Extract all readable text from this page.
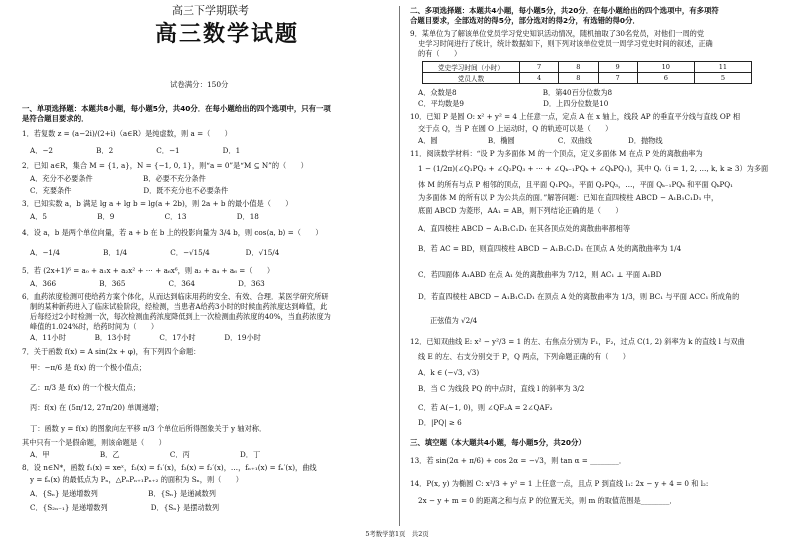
高三下学期联考
高三数学试题
试卷满分：150分
一、单项选择题：本题共8小题，每小题5分，共40分．在每小题给出的四个选项中，只有一项
是符合题目要求的．
1．若复数 z = (a−2i)/(2+i)（a∈R）是纯虚数，则 a =（　　）
A．−2　　　　　　B．2　　　　　　C．−1　　　　　　D．1
2．已知 a∈R，集合 M = {1, a}，N = {−1, 0, 1}，则“a = 0”是“M ⊆ N”的（　　）
A．充分不必要条件　　　　　　　B．必要不充分条件
C．充要条件　　　　　　　　　　D．既不充分也不必要条件
3．已知实数 a，b 满足 lg a + lg b = lg(a + 2b)，则 2a + b 的最小值是（　　）
A．5　　　　　　　B．9　　　　　　　C．13　　　　　　　D．18
4．设 a，b 是两个单位向量，若 a + b 在 b 上的投影向量为 3/4 b，则 cos⟨a, b⟩ =（　　）
A．−1/4　　　　　　B．1/4　　　　　　C．−√15/4　　　　　D．√15/4
5．若 (2x+1)⁶ = a₀ + a₁x + a₂x² + ⋯ + a₆x⁶，则 a₂ + a₄ + a₆ =（　　）
A．366　　　　　　B．365　　　　　　C．364　　　　　　D．363
6．血药浓度检测可使给药方案个体化，从而达到临床用药的安全、有效、合理．某医学研究所研
制的某种新药进入了临床试验阶段，经检测，当患者A给药3小时的时候血药浓度达到峰值，此
后每经过2小时检测一次，每次检测血药浓度降低到上一次检测血药浓度的40%，当血药浓度为
峰值的1.024%时，给药时间为（　　）
A．11小时　　　　B．13小时　　　　C．17小时　　　　D．19小时
7．关于函数 f(x) = A sin(2x + φ)，有下列四个命题：
甲：−π/6 是 f(x) 的一个极小值点；
乙：π/3 是 f(x) 的一个极大值点；
丙：f(x) 在 (5π/12, 27π/20) 单调递增；
丁：函数 y = f(x) 的图象向左平移 π/3 个单位后所得图象关于 y 轴对称．
其中只有一个是假命题，则该命题是（　　）
A．甲　　　　　　　B．乙　　　　　　　C．丙　　　　　　　D．丁
8．设 n∈N*，函数 f₁(x) = xeˣ，f₂(x) = f₁′(x)，f₃(x) = f₂′(x)，…，fₙ₊₁(x) = fₙ′(x)，曲线
y = fₙ(x) 的最低点为 Pₙ，△PₙPₙ₊₁Pₙ₊₂ 的面积为 Sₙ，则（　　）
A．{Sₙ} 是递增数列　　　　　　　B．{Sₙ} 是递减数列
C．{S₂ₙ₋₁} 是递增数列　　　　　　D．{Sₙ} 是摆动数列
二、多项选择题：本题共4小题，每小题5分，共20分．在每小题给出的四个选项中，有多项符
合题目要求，全部选对的得5分，部分选对的得2分，有选错的得0分．
9．某单位为了解该单位党员学习党史知识活动情况，随机抽取了30名党员，对他们一周的党
史学习时间进行了统计，统计数据如下，则下列对该单位党员一周学习党史时间的叙述，正确
的有（　　）
党史学习时间（小时）	7	8	9	10	11
党员人数	4	8	7	6	5
A．众数是8　　　　　　　　　　　　B．第40百分位数为8
C．平均数是9　　　　　　　　　　　D．上四分位数是10
10．已知 P 是圆 O: x² + y² = 4 上任意一点，定点 A 在 x 轴上，线段 AP 的垂直平分线与直线 OP 相
交于点 Q，当 P 在圆 O 上运动时，Q 的轨迹可以是（　　）
A．圆　　　　　　　B．椭圆　　　　　　C．双曲线　　　　　D．抛物线
11．阅读数学材料：“设 P 为多面体 M 的一个顶点，定义多面体 M 在点 P 处的离散曲率为
1 − (1/2π)(∠Q₁PQ₂ + ∠Q₂PQ₃ + ⋯ + ∠Qₖ₋₁PQₖ + ∠QₖPQ₁)，其中 Qᵢ（i = 1, 2, …, k, k ≥ 3）为多面
体 M 的所有与点 P 相邻的顶点，且平面 Q₁PQ₂，平面 Q₂PQ₃，…，平面 Qₖ₋₁PQₖ 和平面 QₖPQ₁
为多面体 M 的所有以 P 为公共点的面．”解答问题：已知在直四棱柱 ABCD − A₁B₁C₁D₁ 中，
底面 ABCD 为菱形，AA₁ = AB，则下列结论正确的是（　　）
A．直四棱柱 ABCD − A₁B₁C₁D₁ 在其各顶点处的离散曲率都相等
B．若 AC = BD，则直四棱柱 ABCD − A₁B₁C₁D₁ 在顶点 A 处的离散曲率为 1/4
C．若四面体 A₁ABD 在点 A₁ 处的离散曲率为 7/12，则 AC₁ ⊥ 平面 A₁BD
D．若直四棱柱 ABCD − A₁B₁C₁D₁ 在顶点 A 处的离散曲率为 1/3，则 BC₁ 与平面 ACC₁ 所成角的
正弦值为 √2/4
12．已知双曲线 E: x² − y²/3 = 1 的左、右焦点分别为 F₁，F₂，过点 C(1, 2) 斜率为 k 的直线 l 与双曲
线 E 的左、右支分别交于 P，Q 两点，下列命题正确的有（　　）
A．k ∈ (−√3, √3)
B．当 C 为线段 PQ 的中点时，直线 l 的斜率为 3/2
C．若 A(−1, 0)，则 ∠QF₂A = 2∠QAF₂
D．|PQ| ≥ 6
三、填空题（本大题共4小题，每小题5分，共20分）
13．若 sin(2α + π/6) + cos 2α = −√3，则 tan α = ________．
14．P(x, y) 为椭圆 C: x²/3 + y² = 1 上任意一点，且点 P 到直线 l₁: 2x − y + 4 = 0 和 l₂:
2x − y + m = 0 的距离之和与点 P 的位置无关，则 m 的取值范围是________．
5考数学第1页　共2页
